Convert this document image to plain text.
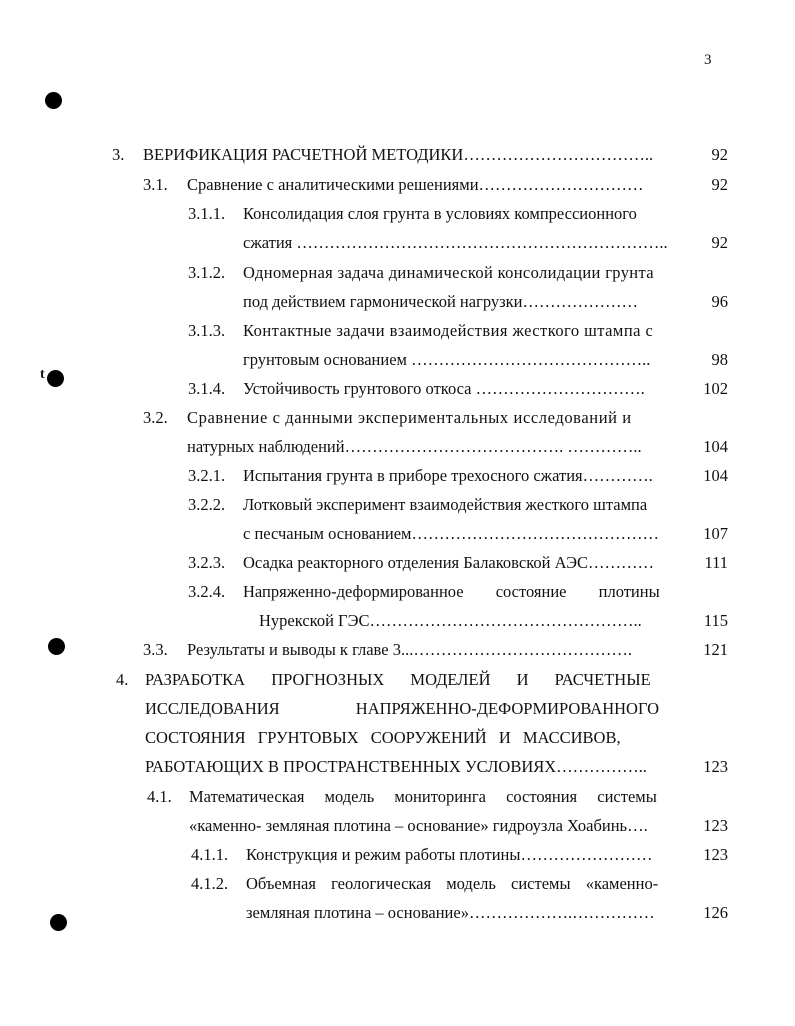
3
t
3. ВЕРИФИКАЦИЯ РАСЧЕТНОЙ МЕТОДИКИ……………………………..	92
3.1. Сравнение с аналитическими решениями…………………………	92
3.1.1. Консолидация слоя грунта в условиях компрессионного
сжатия …………………………………………………………..	92
3.1.2. Одномерная задача динамической консолидации грунта
под действием гармонической нагрузки…………………	96
3.1.3. Контактные задачи взаимодействия жесткого штампа с
грунтовым основанием ……………………………………..	98
3.1.4. Устойчивость грунтового откоса ………………………….	102
3.2. Сравнение с данными экспериментальных исследований и
натурных наблюдений…………………………………. …………..	104
3.2.1. Испытания грунта в приборе трехосного сжатия………….	104
3.2.2. Лотковый эксперимент взаимодействия жесткого штампа
с песчаным основанием………………………………………	107
3.2.3. Осадка реакторного отделения Балаковской АЭС…………	111
3.2.4. Напряженно-деформированное состояние плотины
Нурекской ГЭС…………………………………………..	115
3.3. Результаты и выводы к главе 3...………………………………….	121
4. РАЗРАБОТКА ПРОГНОЗНЫХ МОДЕЛЕЙ И РАСЧЕТНЫЕ
ИССЛЕДОВАНИЯ НАПРЯЖЕННО-ДЕФОРМИРОВАННОГО
СОСТОЯНИЯ ГРУНТОВЫХ СООРУЖЕНИЙ И МАССИВОВ,
РАБОТАЮЩИХ В ПРОСТРАНСТВЕННЫХ УСЛОВИЯХ……………..	123
4.1. Математическая модель мониторинга состояния системы
«каменно- земляная плотина – основание» гидроузла Хоабинь….	123
4.1.1. Конструкция и режим работы плотины……………………	123
4.1.2. Объемная геологическая модель системы «каменно-
земляная плотина – основание»……………….……………	126
